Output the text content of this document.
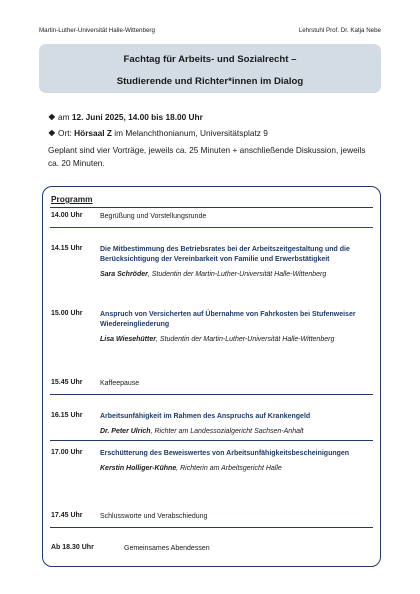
Martin-Luther-Universität Halle-Wittenberg	Lehrstuhl Prof. Dr. Katja Nebe
Fachtag für Arbeits- und Sozialrecht –
Studierende und Richter*innen im Dialog
❖ am 12. Juni 2025, 14.00 bis 18.00 Uhr
❖ Ort: Hörsaal Z im Melanchthonianum, Universitätsplatz 9
Geplant sind vier Vorträge, jeweils ca. 25 Minuten + anschließende Diskussion, jeweils ca. 20 Minuten.
Programm
14.00 Uhr Begrüßung und Vorstellungsrunde
14.15 Uhr Die Mitbestimmung des Betriebsrates bei der Arbeitszeitgestaltung und die Berücksichtigung der Vereinbarkeit von Familie und Erwerbstätigkeit
Sara Schröder, Studentin der Martin-Luther-Universität Halle-Wittenberg
15.00 Uhr Anspruch von Versicherten auf Übernahme von Fahrkosten bei Stufenweiser Wiedereingliederung
Lisa Wiesehütter, Studentin der Martin-Luther-Universität Halle-Wittenberg
15.45 Uhr Kaffeepause
16.15 Uhr Arbeitsunfähigkeit im Rahmen des Anspruchs auf Krankengeld
Dr. Peter Ulrich, Richter am Landessozialgericht Sachsen-Anhalt
17.00 Uhr Erschütterung des Beweiswertes von Arbeitsunfähigkeitsbescheinigungen
Kerstin Holliger-Kühne, Richterin am Arbeitsgericht Halle
17.45 Uhr Schlussworte und Verabschiedung
Ab 18.30 Uhr	Gemeinsames Abendessen
